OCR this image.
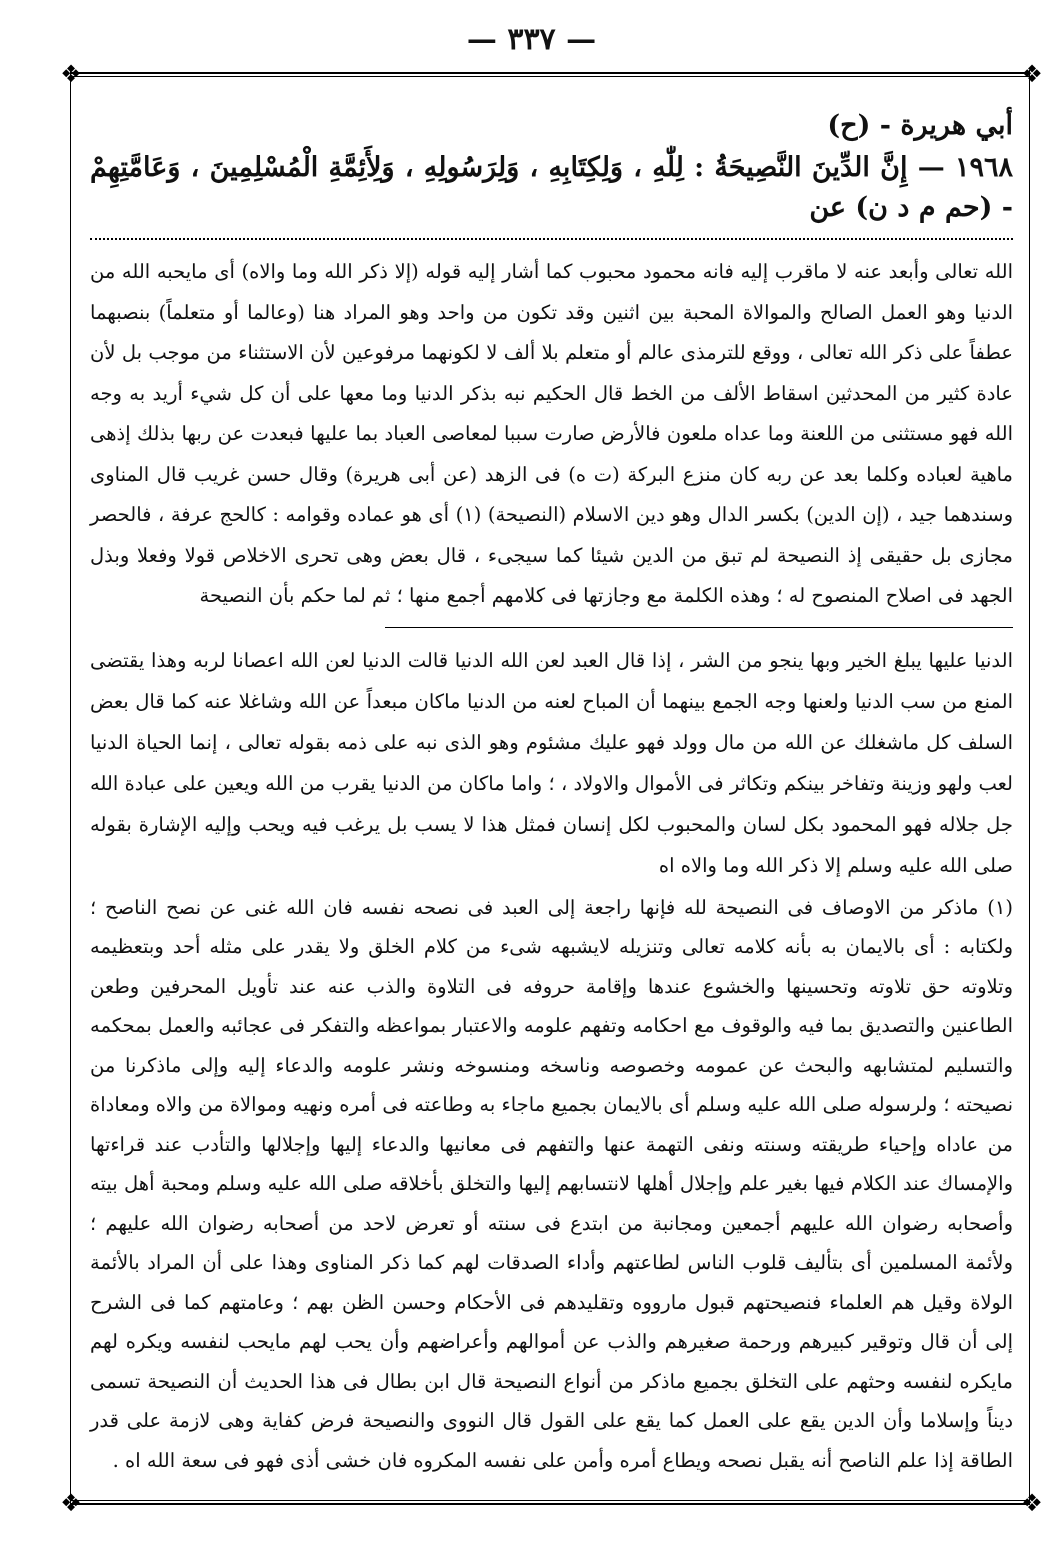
— ٣٣٧ —
❖	❖
❖	❖

أبي هريرة - (ح)

١٩٦٨ — إِنَّ الدِّينَ النَّصِيحَةُ : لِلّٰهِ ، وَلِكِتَابِهِ ، وَلِرَسُولِهِ ، وَلِأَئِمَّةِ الْمُسْلِمِينَ ، وَعَامَّتِهِمْ - (حم م د ن) عن

الله تعالى وأبعد عنه لا ماقرب إليه فانه محمود محبوب كما أشار إليه قوله (إلا ذكر الله وما والاه) أى مايحبه الله من الدنيا وهو العمل الصالح والموالاة المحبة بين اثنين وقد تكون من واحد وهو المراد هنا (وعالما أو متعلماً) بنصبهما عطفاً على ذكر الله تعالى ، ووقع للترمذى عالم أو متعلم بلا ألف لا لكونهما مرفوعين لأن الاستثناء من موجب بل لأن عادة كثير من المحدثين اسقاط الألف من الخط قال الحكيم نبه بذكر الدنيا وما معها على أن كل شيء أريد به وجه الله فهو مستثنى من اللعنة وما عداه ملعون فالأرض صارت سببا لمعاصى العباد بما عليها فبعدت عن ربها بذلك إذهى ماهية لعباده وكلما بعد عن ربه كان منزع البركة (ت ه) فى الزهد (عن أبى هريرة) وقال حسن غريب قال المناوى وسندهما جيد ، (إن الدين) بكسر الدال وهو دين الاسلام (النصيحة) (١) أى هو عماده وقوامه : كالحج عرفة ، فالحصر مجازى بل حقيقى إذ النصيحة لم تبق من الدين شيئا كما سيجىء ، قال بعض وهى تحرى الاخلاص قولا وفعلا وبذل الجهد فى اصلاح المنصوح له ؛ وهذه الكلمة مع وجازتها فى كلامهم أجمع منها ؛ ثم لما حكم بأن النصيحة

الدنيا عليها يبلغ الخير وبها ينجو من الشر ، إذا قال العبد لعن الله الدنيا قالت الدنيا لعن الله اعصانا لربه وهذا يقتضى المنع من سب الدنيا ولعنها وجه الجمع بينهما أن المباح لعنه من الدنيا ماكان مبعداً عن الله وشاغلا عنه كما قال بعض السلف كل ماشغلك عن الله من مال وولد فهو عليك مشئوم وهو الذى نبه على ذمه بقوله تعالى ، إنما الحياة الدنيا لعب ولهو وزينة وتفاخر بينكم وتكاثر فى الأموال والاولاد ، ؛ واما ماكان من الدنيا يقرب من الله ويعين على عبادة الله جل جلاله فهو المحمود بكل لسان والمحبوب لكل إنسان فمثل هذا لا يسب بل يرغب فيه ويحب وإليه الإشارة بقوله صلى الله عليه وسلم إلا ذكر الله وما والاه اه

(١) ماذكر من الاوصاف فى النصيحة لله فإنها راجعة إلى العبد فى نصحه نفسه فان الله غنى عن نصح الناصح ؛ ولكتابه : أى بالايمان به بأنه كلامه تعالى وتنزيله لايشبهه شىء من كلام الخلق ولا يقدر على مثله أحد وبتعظيمه وتلاوته حق تلاوته وتحسينها والخشوع عندها وإقامة حروفه فى التلاوة والذب عنه عند تأويل المحرفين وطعن الطاعنين والتصديق بما فيه والوقوف مع احكامه وتفهم علومه والاعتبار بمواعظه والتفكر فى عجائبه والعمل بمحكمه والتسليم لمتشابهه والبحث عن عمومه وخصوصه وناسخه ومنسوخه ونشر علومه والدعاء إليه وإلى ماذكرنا من نصيحته ؛ ولرسوله صلى الله عليه وسلم أى بالايمان بجميع ماجاء به وطاعته فى أمره ونهيه وموالاة من والاه ومعاداة من عاداه وإحياء طريقته وسنته ونفى التهمة عنها والتفهم فى معانيها والدعاء إليها وإجلالها والتأدب عند قراءتها والإمساك عند الكلام فيها بغير علم وإجلال أهلها لانتسابهم إليها والتخلق بأخلاقه صلى الله عليه وسلم ومحبة أهل بيته وأصحابه رضوان الله عليهم أجمعين ومجانبة من ابتدع فى سنته أو تعرض لاحد من أصحابه رضوان الله عليهم ؛ ولأئمة المسلمين أى بتأليف قلوب الناس لطاعتهم وأداء الصدقات لهم كما ذكر المناوى وهذا على أن المراد بالأئمة الولاة وقيل هم العلماء فنصيحتهم قبول مارووه وتقليدهم فى الأحكام وحسن الظن بهم ؛ وعامتهم كما فى الشرح إلى أن قال وتوقير كبيرهم ورحمة صغيرهم والذب عن أموالهم وأعراضهم وأن يحب لهم مايحب لنفسه ويكره لهم مايكره لنفسه وحثهم على التخلق بجميع ماذكر من أنواع النصيحة قال ابن بطال فى هذا الحديث أن النصيحة تسمى ديناً وإسلاما وأن الدين يقع على العمل كما يقع على القول قال النووى والنصيحة فرض كفاية وهى لازمة على قدر الطاقة إذا علم الناصح أنه يقبل نصحه ويطاع أمره وأمن على نفسه المكروه فان خشى أذى فهو فى سعة الله اه .
